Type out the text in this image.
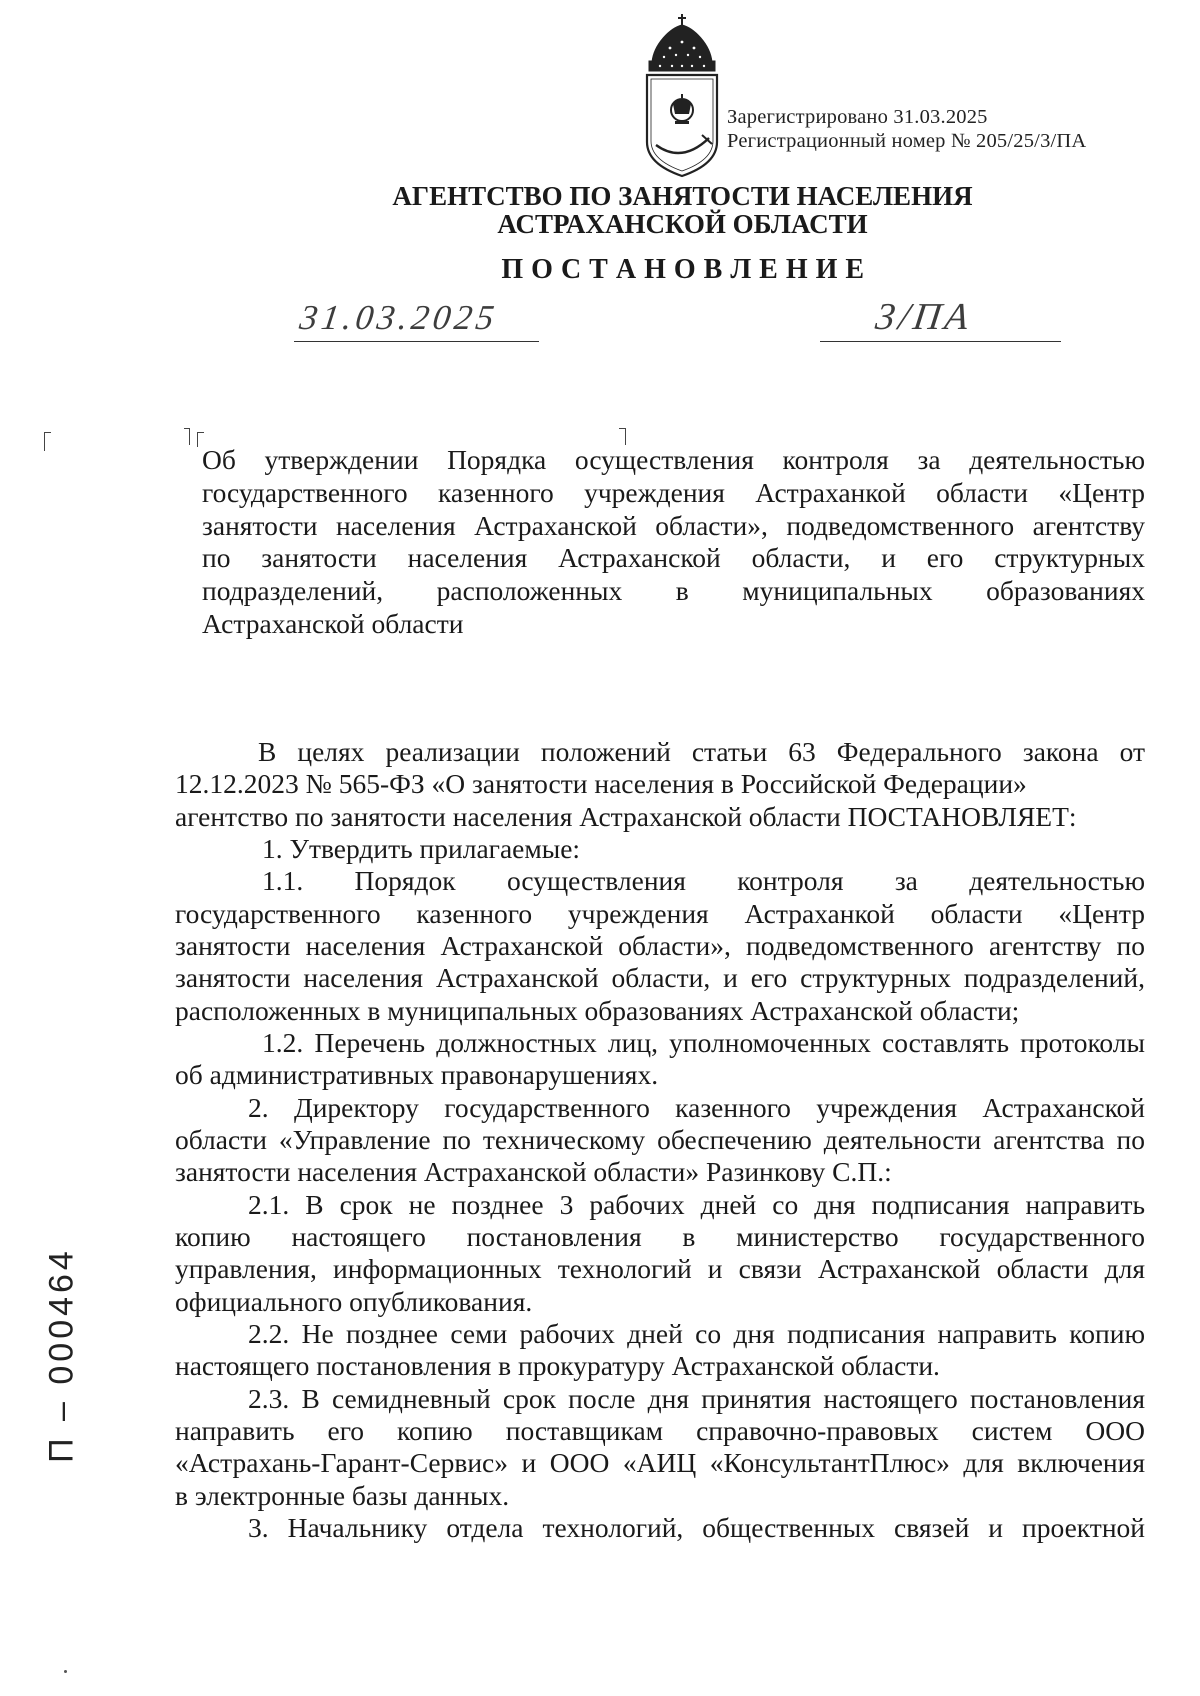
Зарегистрировано 31.03.2025
Регистрационный номер № 205/25/3/ПА
АГЕНТСТВО ПО ЗАНЯТОСТИ НАСЕЛЕНИЯ
АСТРАХАНСКОЙ ОБЛАСТИ
П О С Т А Н О В Л Е Н И Е
31.03.2025	3/ПА
Об утверждении Порядка осуществления контроля за деятельностью
государственного казенного учреждения Астраханкой области «Центр
занятости населения Астраханской области», подведомственного агентству
по занятости населения Астраханской области, и его структурных
подразделений, расположенных в муниципальных образованиях
Астраханской области
В целях реализации положений статьи 63 Федерального закона от
12.12.2023 № 565-ФЗ «О занятости населения в Российской Федерации»
агентство по занятости населения Астраханской области ПОСТАНОВЛЯЕТ:
1. Утвердить прилагаемые:
1.1. Порядок осуществления контроля за деятельностью
государственного казенного учреждения Астраханкой области «Центр
занятости населения Астраханской области», подведомственного агентству по
занятости населения Астраханской области, и его структурных подразделений,
расположенных в муниципальных образованиях Астраханской области;
1.2. Перечень должностных лиц, уполномоченных составлять протоколы
об административных правонарушениях.
2. Директору государственного казенного учреждения Астраханской
области «Управление по техническому обеспечению деятельности агентства по
занятости населения Астраханской области» Разинкову С.П.:
2.1. В срок не позднее 3 рабочих дней со дня подписания направить
копию настоящего постановления в министерство государственного
управления, информационных технологий и связи Астраханской области для
официального опубликования.
2.2. Не позднее семи рабочих дней со дня подписания направить копию
настоящего постановления в прокуратуру Астраханской области.
2.3. В семидневный срок после дня принятия настоящего постановления
направить его копию поставщикам справочно-правовых систем ООО
«Астрахань-Гарант-Сервис» и ООО «АИЦ «КонсультантПлюс» для включения
в электронные базы данных.
3. Начальнику отдела технологий, общественных связей и проектной
П – 000464
